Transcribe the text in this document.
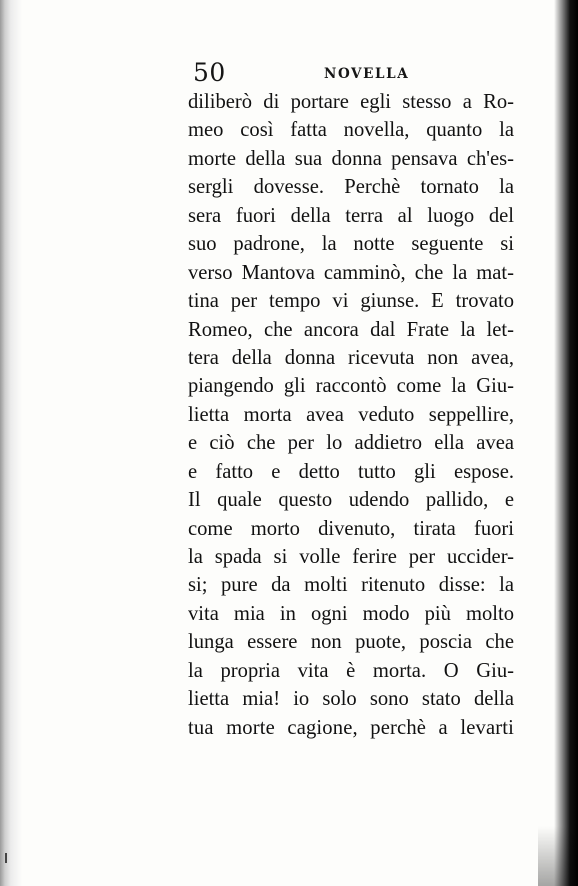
50	NOVELLA
diliberò di portare egli stesso a Ro-
meo così fatta novella, quanto la
morte della sua donna pensava ch'es-
sergli dovesse. Perchè tornato la
sera fuori della terra al luogo del
suo padrone, la notte seguente si
verso Mantova camminò, che la mat-
tina per tempo vi giunse. E trovato
Romeo, che ancora dal Frate la let-
tera della donna ricevuta non avea,
piangendo gli raccontò come la Giu-
lietta morta avea veduto seppellire,
e ciò che per lo addietro ella avea
e fatto e detto tutto gli espose.
Il quale questo udendo pallido, e
come morto divenuto, tirata fuori
la spada si volle ferire per uccider-
si; pure da molti ritenuto disse: la
vita mia in ogni modo più molto
lunga essere non puote, poscia che
la propria vita è morta. O Giu-
lietta mia! io solo sono stato della
tua morte cagione, perchè a levarti
